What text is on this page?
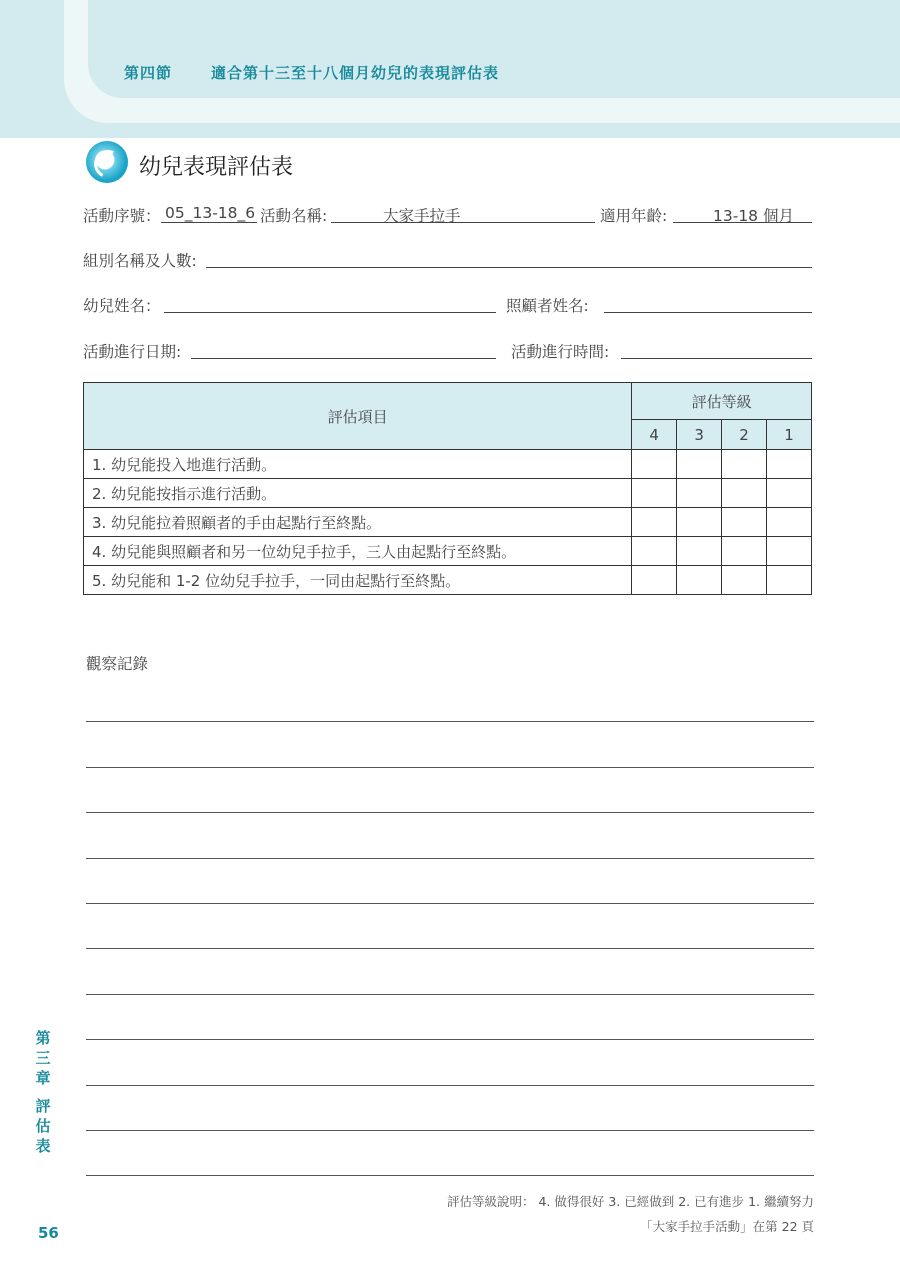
第四節	適合第十三至十八個月幼兒的表現評估表
幼兒表現評估表
活動序號： 05_13-18_6 活動名稱:	大家手拉手	適用年齡:	13-18 個月
組別名稱及人數:
幼兒姓名：	照顧者姓名:
活動進行日期:	活動進行時間:
評估項目	評估等級			
	4	3	2	1
1. 幼兒能投入地進行活動。				
2. 幼兒能按指示進行活動。				
3. 幼兒能拉着照顧者的手由起點行至終點。				
4. 幼兒能與照顧者和另一位幼兒手拉手，三人由起點行至終點。				
5. 幼兒能和 1-2 位幼兒手拉手，一同由起點行至終點。				
觀察記錄
第三章
評估表
56
評估等級說明： 4. 做得很好 3. 已經做到 2. 已有進步 1. 繼續努力
「大家手拉手活動」在第 22 頁
